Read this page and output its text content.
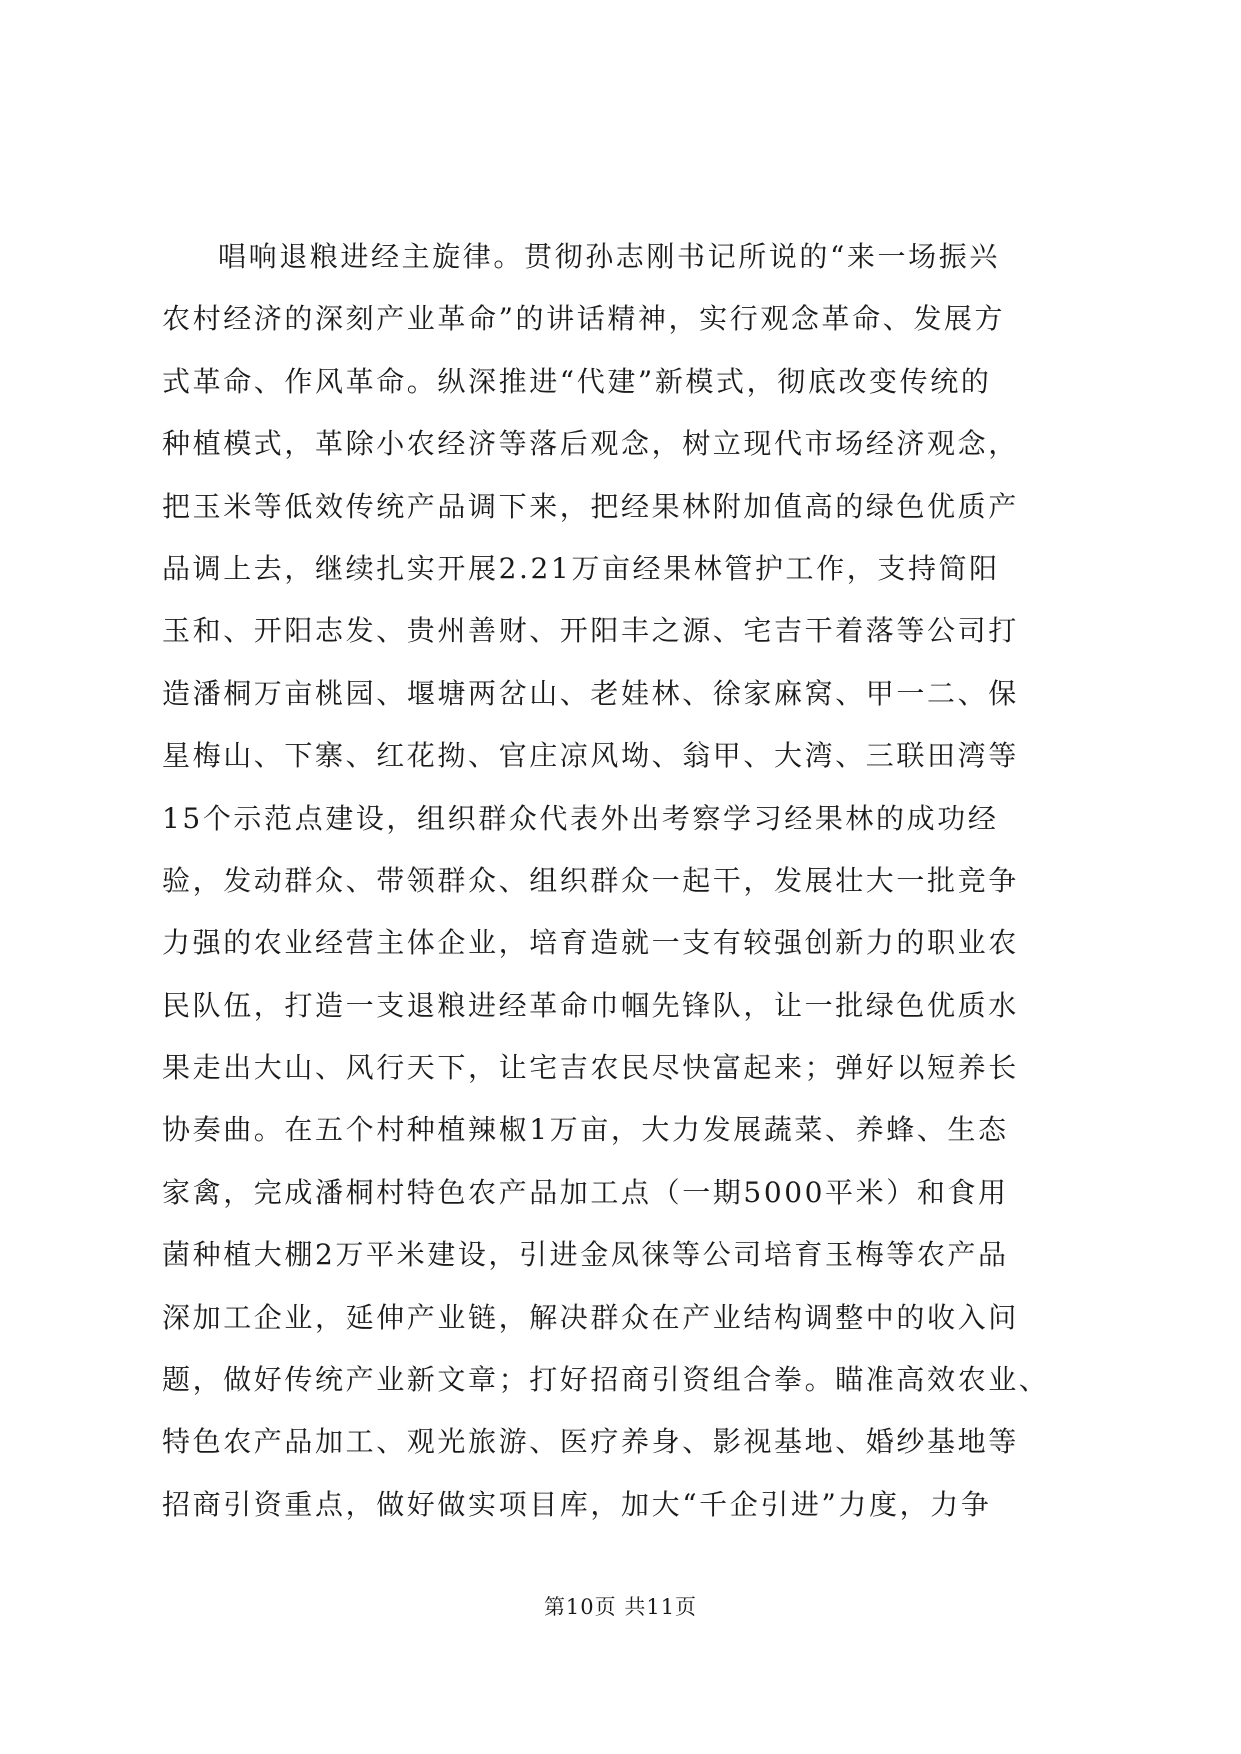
唱响退粮进经主旋律。贯彻孙志刚书记所说的“来一场振兴
农村经济的深刻产业革命”的讲话精神，实行观念革命、发展方
式革命、作风革命。纵深推进“代建”新模式，彻底改变传统的
种植模式，革除小农经济等落后观念，树立现代市场经济观念，
把玉米等低效传统产品调下来，把经果林附加值高的绿色优质产
品调上去，继续扎实开展2.21万亩经果林管护工作，支持简阳
玉和、开阳志发、贵州善财、开阳丰之源、宅吉干着落等公司打
造潘桐万亩桃园、堰塘两岔山、老娃林、徐家麻窝、甲一二、保
星梅山、下寨、红花拗、官庄凉风坳、翁甲、大湾、三联田湾等
15个示范点建设，组织群众代表外出考察学习经果林的成功经
验，发动群众、带领群众、组织群众一起干，发展壮大一批竞争
力强的农业经营主体企业，培育造就一支有较强创新力的职业农
民队伍，打造一支退粮进经革命巾帼先锋队，让一批绿色优质水
果走出大山、风行天下，让宅吉农民尽快富起来；弹好以短养长
协奏曲。在五个村种植辣椒1万亩，大力发展蔬菜、养蜂、生态
家禽，完成潘桐村特色农产品加工点（一期5000平米）和食用
菌种植大棚2万平米建设，引进金凤徕等公司培育玉梅等农产品
深加工企业，延伸产业链，解决群众在产业结构调整中的收入问
题，做好传统产业新文章；打好招商引资组合拳。瞄准高效农业、
特色农产品加工、观光旅游、医疗养身、影视基地、婚纱基地等
招商引资重点，做好做实项目库，加大“千企引进”力度，力争
第10页 共11页
